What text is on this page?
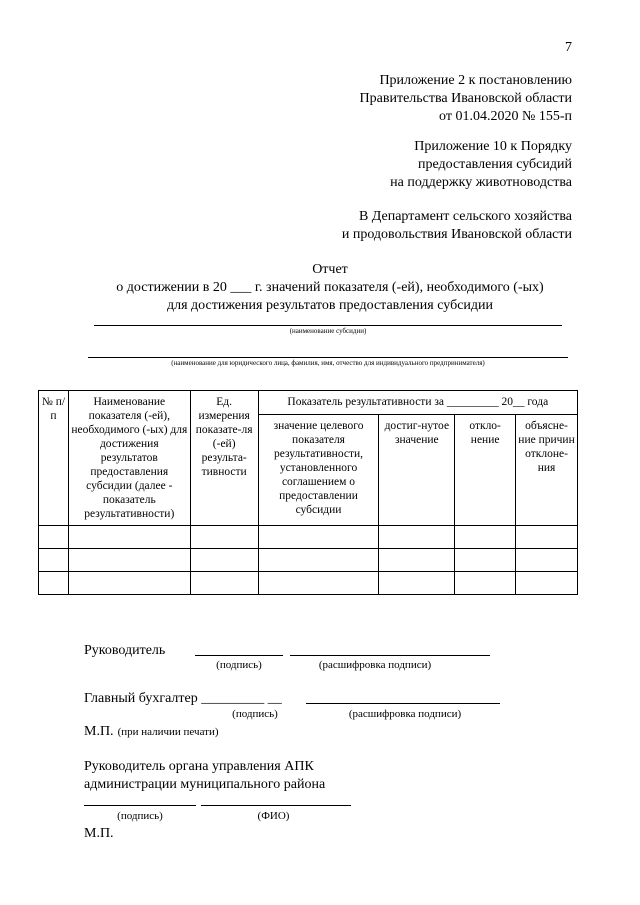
7
Приложение 2 к постановлению
Правительства Ивановской области
от 01.04.2020 № 155-п
Приложение 10 к Порядку
предоставления субсидий
на поддержку животноводства
В Департамент сельского хозяйства
и продовольствия Ивановской области
Отчет
о достижении в 20 ___ г. значений показателя (-ей), необходимого (-ых)
для достижения результатов предоставления субсидии
(наименование субсидии)
(наименование для юридического лица, фамилия, имя, отчество для индивидуального предпринимателя)
№ п/п	Наименование показателя (-ей), необходимого (-ых) для достижения результатов предоставления субсидии (далее - показатель результативности)	Ед. измерения показате-ля (-ей) результа-тивности	Показатель результативности за _________ 20__ года			
			значение целевого показателя результативности, установленного соглашением о предоставлении субсидии	достиг-нутое значение	откло-нение	объясне-ние причин отклоне-ния

Руководитель
(подпись)	(расшифровка подписи)
Главный бухгалтер _________ __
(подпись)	(расшифровка подписи)
М.П. (при наличии печати)
Руководитель органа управления АПК
администрации муниципального района
(подпись)	(ФИО)
М.П.
